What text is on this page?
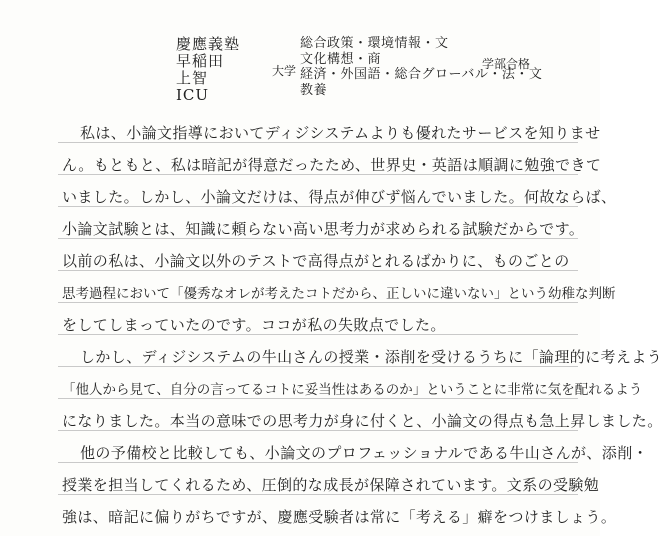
慶應義塾
早稲田
上智
ICU
大学
総合政策・環境情報・文
文化構想・商
経済・外国語・総合グローバル・法・文
教養
学部合格
私は、小論文指導においてディジシステムよりも優れたサービスを知りませ
ん。もともと、私は暗記が得意だったため、世界史・英語は順調に勉強できて
いました。しかし、小論文だけは、得点が伸びず悩んでいました。何故ならば、
小論文試験とは、知識に頼らない高い思考力が求められる試験だからです。
以前の私は、小論文以外のテストで高得点がとれるばかりに、ものごとの
思考過程において「優秀なオレが考えたコトだから、正しいに違いない」という幼稚な判断
をしてしまっていたのです。ココが私の失敗点でした。
しかし、ディジシステムの牛山さんの授業・添削を受けるうちに「論理的に考えよう
「他人から見て、自分の言ってるコトに妥当性はあるのか」ということに非常に気を配れるよう
になりました。本当の意味での思考力が身に付くと、小論文の得点も急上昇しました。
他の予備校と比較しても、小論文のプロフェッショナルである牛山さんが、添削・
授業を担当してくれるため、圧倒的な成長が保障されています。文系の受験勉
強は、暗記に偏りがちですが、慶應受験者は常に「考える」癖をつけましょう。
